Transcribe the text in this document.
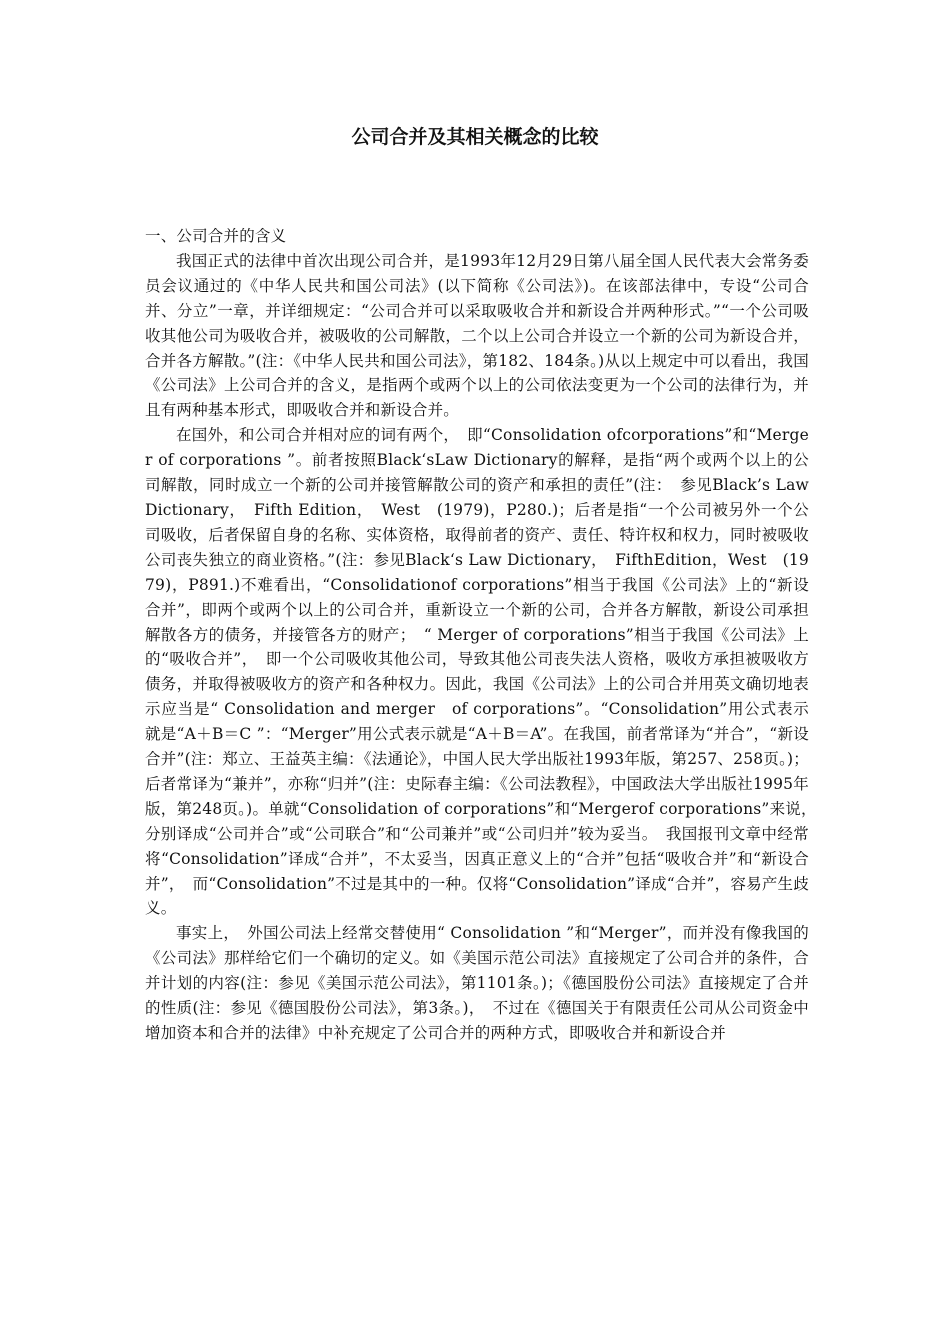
公司合并及其相关概念的比较
一、公司合并的含义

我国正式的法律中首次出现公司合并，是1993年12月29日第八届全国人民代表大会常务委员会议通过的《中华人民共和国公司法》(以下简称《公司法》)。在该部法律中，专设“公司合并、分立”一章，并详细规定：“公司合并可以采取吸收合并和新设合并两种形式。”“一个公司吸收其他公司为吸收合并，被吸收的公司解散，二个以上公司合并设立一个新的公司为新设合并，合并各方解散。”(注：《中华人民共和国公司法》，第182、184条。)从以上规定中可以看出，我国《公司法》上公司合并的含义，是指两个或两个以上的公司依法变更为一个公司的法律行为，并且有两种基本形式，即吸收合并和新设合并。

在国外，和公司合并相对应的词有两个，　即“Consolidation ofcorporations”和“Merger of corporations ”。前者按照Black‘sLaw Dictionary的解释，是指“两个或两个以上的公司解散，同时成立一个新的公司并接管解散公司的资产和承担的责任”(注：　参见Black’s Law Dictionary，　Fifth Edition，　West　(1979)，P280.)；后者是指“一个公司被另外一个公司吸收，后者保留自身的名称、实体资格，取得前者的资产、责任、特许权和权力，同时被吸收公司丧失独立的商业资格。”(注：参见Black‘s Law Dictionary，　FifthEdition，West　(1979)，P891.)不难看出，“Consolidationof corporations”相当于我国《公司法》上的“新设合并”，即两个或两个以上的公司合并，重新设立一个新的公司，合并各方解散，新设公司承担解散各方的债务，并接管各方的财产；　“ Merger of corporations”相当于我国《公司法》上的“吸收合并”，　即一个公司吸收其他公司，导致其他公司丧失法人资格，吸收方承担被吸收方债务，并取得被吸收方的资产和各种权力。因此，我国《公司法》上的公司合并用英文确切地表示应当是“ Consolidation and merger　of corporations”。“Consolidation”用公式表示就是“A＋B＝C ”：“Merger”用公式表示就是“A＋B＝A”。在我国，前者常译为“并合”，“新设合并”(注：郑立、王益英主编：《法通论》，中国人民大学出版社1993年版，第257、258页。)；后者常译为“兼并”，亦称“归并”(注：史际春主编：《公司法教程》，中国政法大学出版社1995年版，第248页。)。单就“Consolidation of corporations”和“Mergerof corporations”来说，　分别译成“公司并合”或“公司联合”和“公司兼并”或“公司归并”较为妥当。　我国报刊文章中经常将“Consolidation”译成“合并”，不太妥当，因真正意义上的“合并”包括“吸收合并”和“新设合并”，　而“Consolidation”不过是其中的一种。仅将“Consolidation”译成“合并”，容易产生歧义。

事实上，　外国公司法上经常交替使用“ Consolidation ”和“Merger”，而并没有像我国的《公司法》那样给它们一个确切的定义。如《美国示范公司法》直接规定了公司合并的条件，合并计划的内容(注：参见《美国示范公司法》，第1101条。)；《德国股份公司法》直接规定了合并的性质(注：参见《德国股份公司法》，第3条。)，　不过在《德国关于有限责任公司从公司资金中增加资本和合并的法律》中补充规定了公司合并的两种方式，即吸收合并和新设合并
